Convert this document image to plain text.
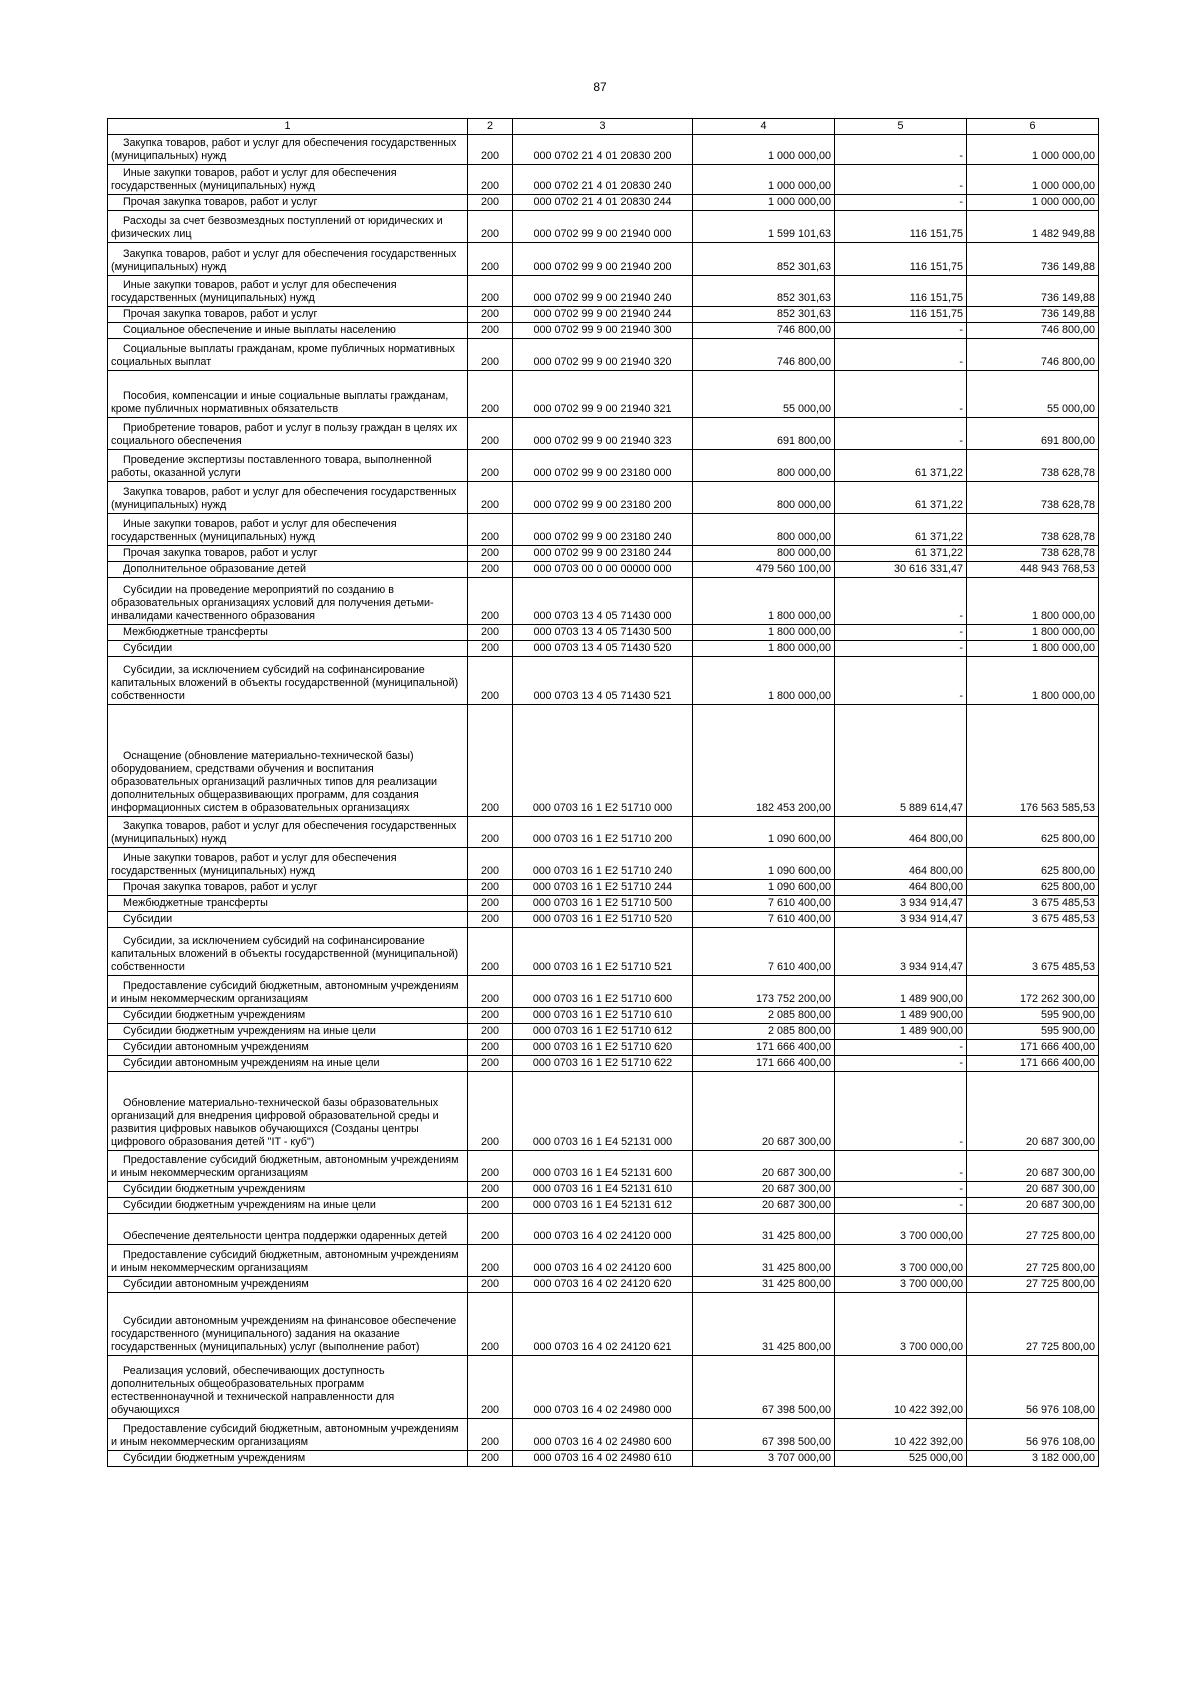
87
1	2	3	4	5	6

Закупка товаров, работ и услуг для обеспечения государственных (муниципальных) нужд	200	000 0702 21 4 01 20830 200	1 000 000,00	-	1 000 000,00

Иные закупки товаров, работ и услуг для обеспечения государственных (муниципальных) нужд	200	000 0702 21 4 01 20830 240	1 000 000,00	-	1 000 000,00

Прочая закупка товаров, работ и услуг	200	000 0702 21 4 01 20830 244	1 000 000,00	-	1 000 000,00

Расходы за счет безвозмездных поступлений от юридических и физических лиц	200	000 0702 99 9 00 21940 000	1 599 101,63	116 151,75	1 482 949,88

Закупка товаров, работ и услуг для обеспечения государственных (муниципальных) нужд	200	000 0702 99 9 00 21940 200	852 301,63	116 151,75	736 149,88

Иные закупки товаров, работ и услуг для обеспечения государственных (муниципальных) нужд	200	000 0702 99 9 00 21940 240	852 301,63	116 151,75	736 149,88

Прочая закупка товаров, работ и услуг	200	000 0702 99 9 00 21940 244	852 301,63	116 151,75	736 149,88

Социальное обеспечение и иные выплаты населению	200	000 0702 99 9 00 21940 300	746 800,00	-	746 800,00

Социальные выплаты гражданам, кроме публичных нормативных социальных выплат	200	000 0702 99 9 00 21940 320	746 800,00	-	746 800,00

Пособия, компенсации и иные социальные выплаты гражданам, кроме публичных нормативных обязательств	200	000 0702 99 9 00 21940 321	55 000,00	-	55 000,00

Приобретение товаров, работ и услуг в пользу граждан в целях их социального обеспечения	200	000 0702 99 9 00 21940 323	691 800,00	-	691 800,00

Проведение экспертизы поставленного товара, выполненной работы, оказанной услуги	200	000 0702 99 9 00 23180 000	800 000,00	61 371,22	738 628,78

Закупка товаров, работ и услуг для обеспечения государственных (муниципальных) нужд	200	000 0702 99 9 00 23180 200	800 000,00	61 371,22	738 628,78

Иные закупки товаров, работ и услуг для обеспечения государственных (муниципальных) нужд	200	000 0702 99 9 00 23180 240	800 000,00	61 371,22	738 628,78

Прочая закупка товаров, работ и услуг	200	000 0702 99 9 00 23180 244	800 000,00	61 371,22	738 628,78

Дополнительное образование детей	200	000 0703 00 0 00 00000 000	479 560 100,00	30 616 331,47	448 943 768,53

Субсидии на проведение мероприятий по созданию в образовательных организациях условий для получения детьми-инвалидами качественного образования	200	000 0703 13 4 05 71430 000	1 800 000,00	-	1 800 000,00

Межбюджетные трансферты	200	000 0703 13 4 05 71430 500	1 800 000,00	-	1 800 000,00

Субсидии	200	000 0703 13 4 05 71430 520	1 800 000,00	-	1 800 000,00

Субсидии, за исключением субсидий на софинансирование капитальных вложений в объекты государственной (муниципальной) собственности	200	000 0703 13 4 05 71430 521	1 800 000,00	-	1 800 000,00

Оснащение (обновление материально-технической базы) оборудованием, средствами обучения и воспитания образовательных организаций различных типов для реализации дополнительных общеразвивающих программ, для создания информационных систем в образовательных организациях	200	000 0703 16 1 E2 51710 000	182 453 200,00	5 889 614,47	176 563 585,53

Закупка товаров, работ и услуг для обеспечения государственных (муниципальных) нужд	200	000 0703 16 1 E2 51710 200	1 090 600,00	464 800,00	625 800,00

Иные закупки товаров, работ и услуг для обеспечения государственных (муниципальных) нужд	200	000 0703 16 1 E2 51710 240	1 090 600,00	464 800,00	625 800,00

Прочая закупка товаров, работ и услуг	200	000 0703 16 1 E2 51710 244	1 090 600,00	464 800,00	625 800,00

Межбюджетные трансферты	200	000 0703 16 1 E2 51710 500	7 610 400,00	3 934 914,47	3 675 485,53

Субсидии	200	000 0703 16 1 E2 51710 520	7 610 400,00	3 934 914,47	3 675 485,53

Субсидии, за исключением субсидий на софинансирование капитальных вложений в объекты государственной (муниципальной) собственности	200	000 0703 16 1 E2 51710 521	7 610 400,00	3 934 914,47	3 675 485,53

Предоставление субсидий бюджетным, автономным учреждениям и иным некоммерческим организациям	200	000 0703 16 1 E2 51710 600	173 752 200,00	1 489 900,00	172 262 300,00

Субсидии бюджетным учреждениям	200	000 0703 16 1 E2 51710 610	2 085 800,00	1 489 900,00	595 900,00

Субсидии бюджетным учреждениям на иные цели	200	000 0703 16 1 E2 51710 612	2 085 800,00	1 489 900,00	595 900,00

Субсидии автономным учреждениям	200	000 0703 16 1 E2 51710 620	171 666 400,00	-	171 666 400,00

Субсидии автономным учреждениям на иные цели	200	000 0703 16 1 E2 51710 622	171 666 400,00	-	171 666 400,00

Обновление материально-технической базы образовательных организаций для внедрения цифровой образовательной среды и развития цифровых навыков обучающихся (Созданы центры цифрового образования детей "IT - куб")	200	000 0703 16 1 E4 52131 000	20 687 300,00	-	20 687 300,00

Предоставление субсидий бюджетным, автономным учреждениям и иным некоммерческим организациям	200	000 0703 16 1 E4 52131 600	20 687 300,00	-	20 687 300,00

Субсидии бюджетным учреждениям	200	000 0703 16 1 E4 52131 610	20 687 300,00	-	20 687 300,00

Субсидии бюджетным учреждениям на иные цели	200	000 0703 16 1 E4 52131 612	20 687 300,00	-	20 687 300,00

Обеспечение деятельности центра поддержки одаренных детей	200	000 0703 16 4 02 24120 000	31 425 800,00	3 700 000,00	27 725 800,00

Предоставление субсидий бюджетным, автономным учреждениям и иным некоммерческим организациям	200	000 0703 16 4 02 24120 600	31 425 800,00	3 700 000,00	27 725 800,00

Субсидии автономным учреждениям	200	000 0703 16 4 02 24120 620	31 425 800,00	3 700 000,00	27 725 800,00

Субсидии автономным учреждениям на финансовое обеспечение государственного (муниципального) задания на оказание государственных (муниципальных) услуг (выполнение работ)	200	000 0703 16 4 02 24120 621	31 425 800,00	3 700 000,00	27 725 800,00

Реализация условий, обеспечивающих доступность дополнительных общеобразовательных программ естественнонаучной и технической направленности для обучающихся	200	000 0703 16 4 02 24980 000	67 398 500,00	10 422 392,00	56 976 108,00

Предоставление субсидий бюджетным, автономным учреждениям и иным некоммерческим организациям	200	000 0703 16 4 02 24980 600	67 398 500,00	10 422 392,00	56 976 108,00

Субсидии бюджетным учреждениям	200	000 0703 16 4 02 24980 610	3 707 000,00	525 000,00	3 182 000,00
